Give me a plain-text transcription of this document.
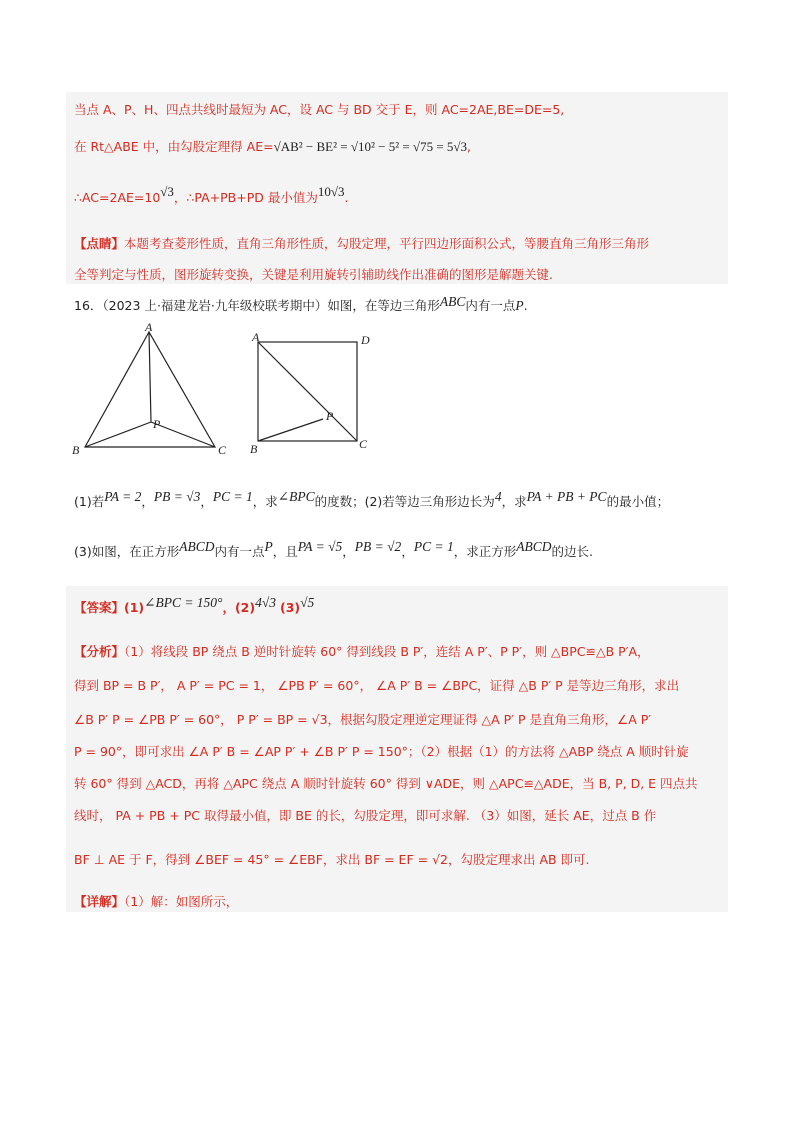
当点 A、P、H、四点共线时最短为 AC，设 AC 与 BD 交于 E，则 AC=2AE,BE=DE=5,
在 Rt△ABE 中，由勾股定理得 AE=√AB² − BE² = √10² − 5² = √75 = 5√3,
∴AC=2AE=10√3，∴PA+PB+PD 最小值为10√3.
【点睛】本题考查菱形性质，直角三角形性质，勾股定理，平行四边形面积公式，等腰直角三角形三角形
全等判定与性质，图形旋转变换，关键是利用旋转引辅助线作出准确的图形是解题关键.
16．（2023 上·福建龙岩·九年级校联考期中）如图，在等边三角形ABC内有一点P.
A
B	C
P
A	D
B	C
P
(1)若PA = 2，PB = √3，PC = 1，求∠BPC的度数；(2)若等边三角形边长为4，求PA + PB + PC的最小值；
(3)如图，在正方形ABCD内有一点P，且PA = √5，PB = √2，PC = 1，求正方形ABCD的边长.
【答案】(1)∠BPC = 150°，(2)4√3 (3)√5
【分析】（1）将线段 BP 绕点 B 逆时针旋转 60° 得到线段 B P′，连结 A P′、P P′，则 △BPC≌△B P′A，
得到 BP = B P′， A P′ = PC = 1， ∠PB P′ = 60°， ∠A P′ B = ∠BPC，证得 △B P′ P 是等边三角形，求出
∠B P′ P = ∠PB P′ = 60°， P P′ = BP = √3，根据勾股定理逆定理证得 △A P′ P 是直角三角形，∠A P′
P = 90°，即可求出 ∠A P′ B = ∠AP P′ + ∠B P′ P = 150°；（2）根据（1）的方法将 △ABP 绕点 A 顺时针旋
转 60° 得到 △ACD，再将 △APC 绕点 A 顺时针旋转 60° 得到 ∨ADE，则 △APC≌△ADE，当 B, P, D, E 四点共
线时， PA + PB + PC 取得最小值，即 BE 的长，勾股定理，即可求解. （3）如图，延长 AE，过点 B 作
BF ⊥ AE 于 F，得到 ∠BEF = 45° = ∠EBF，求出 BF = EF = √2，勾股定理求出 AB 即可.
【详解】（1）解：如图所示，
